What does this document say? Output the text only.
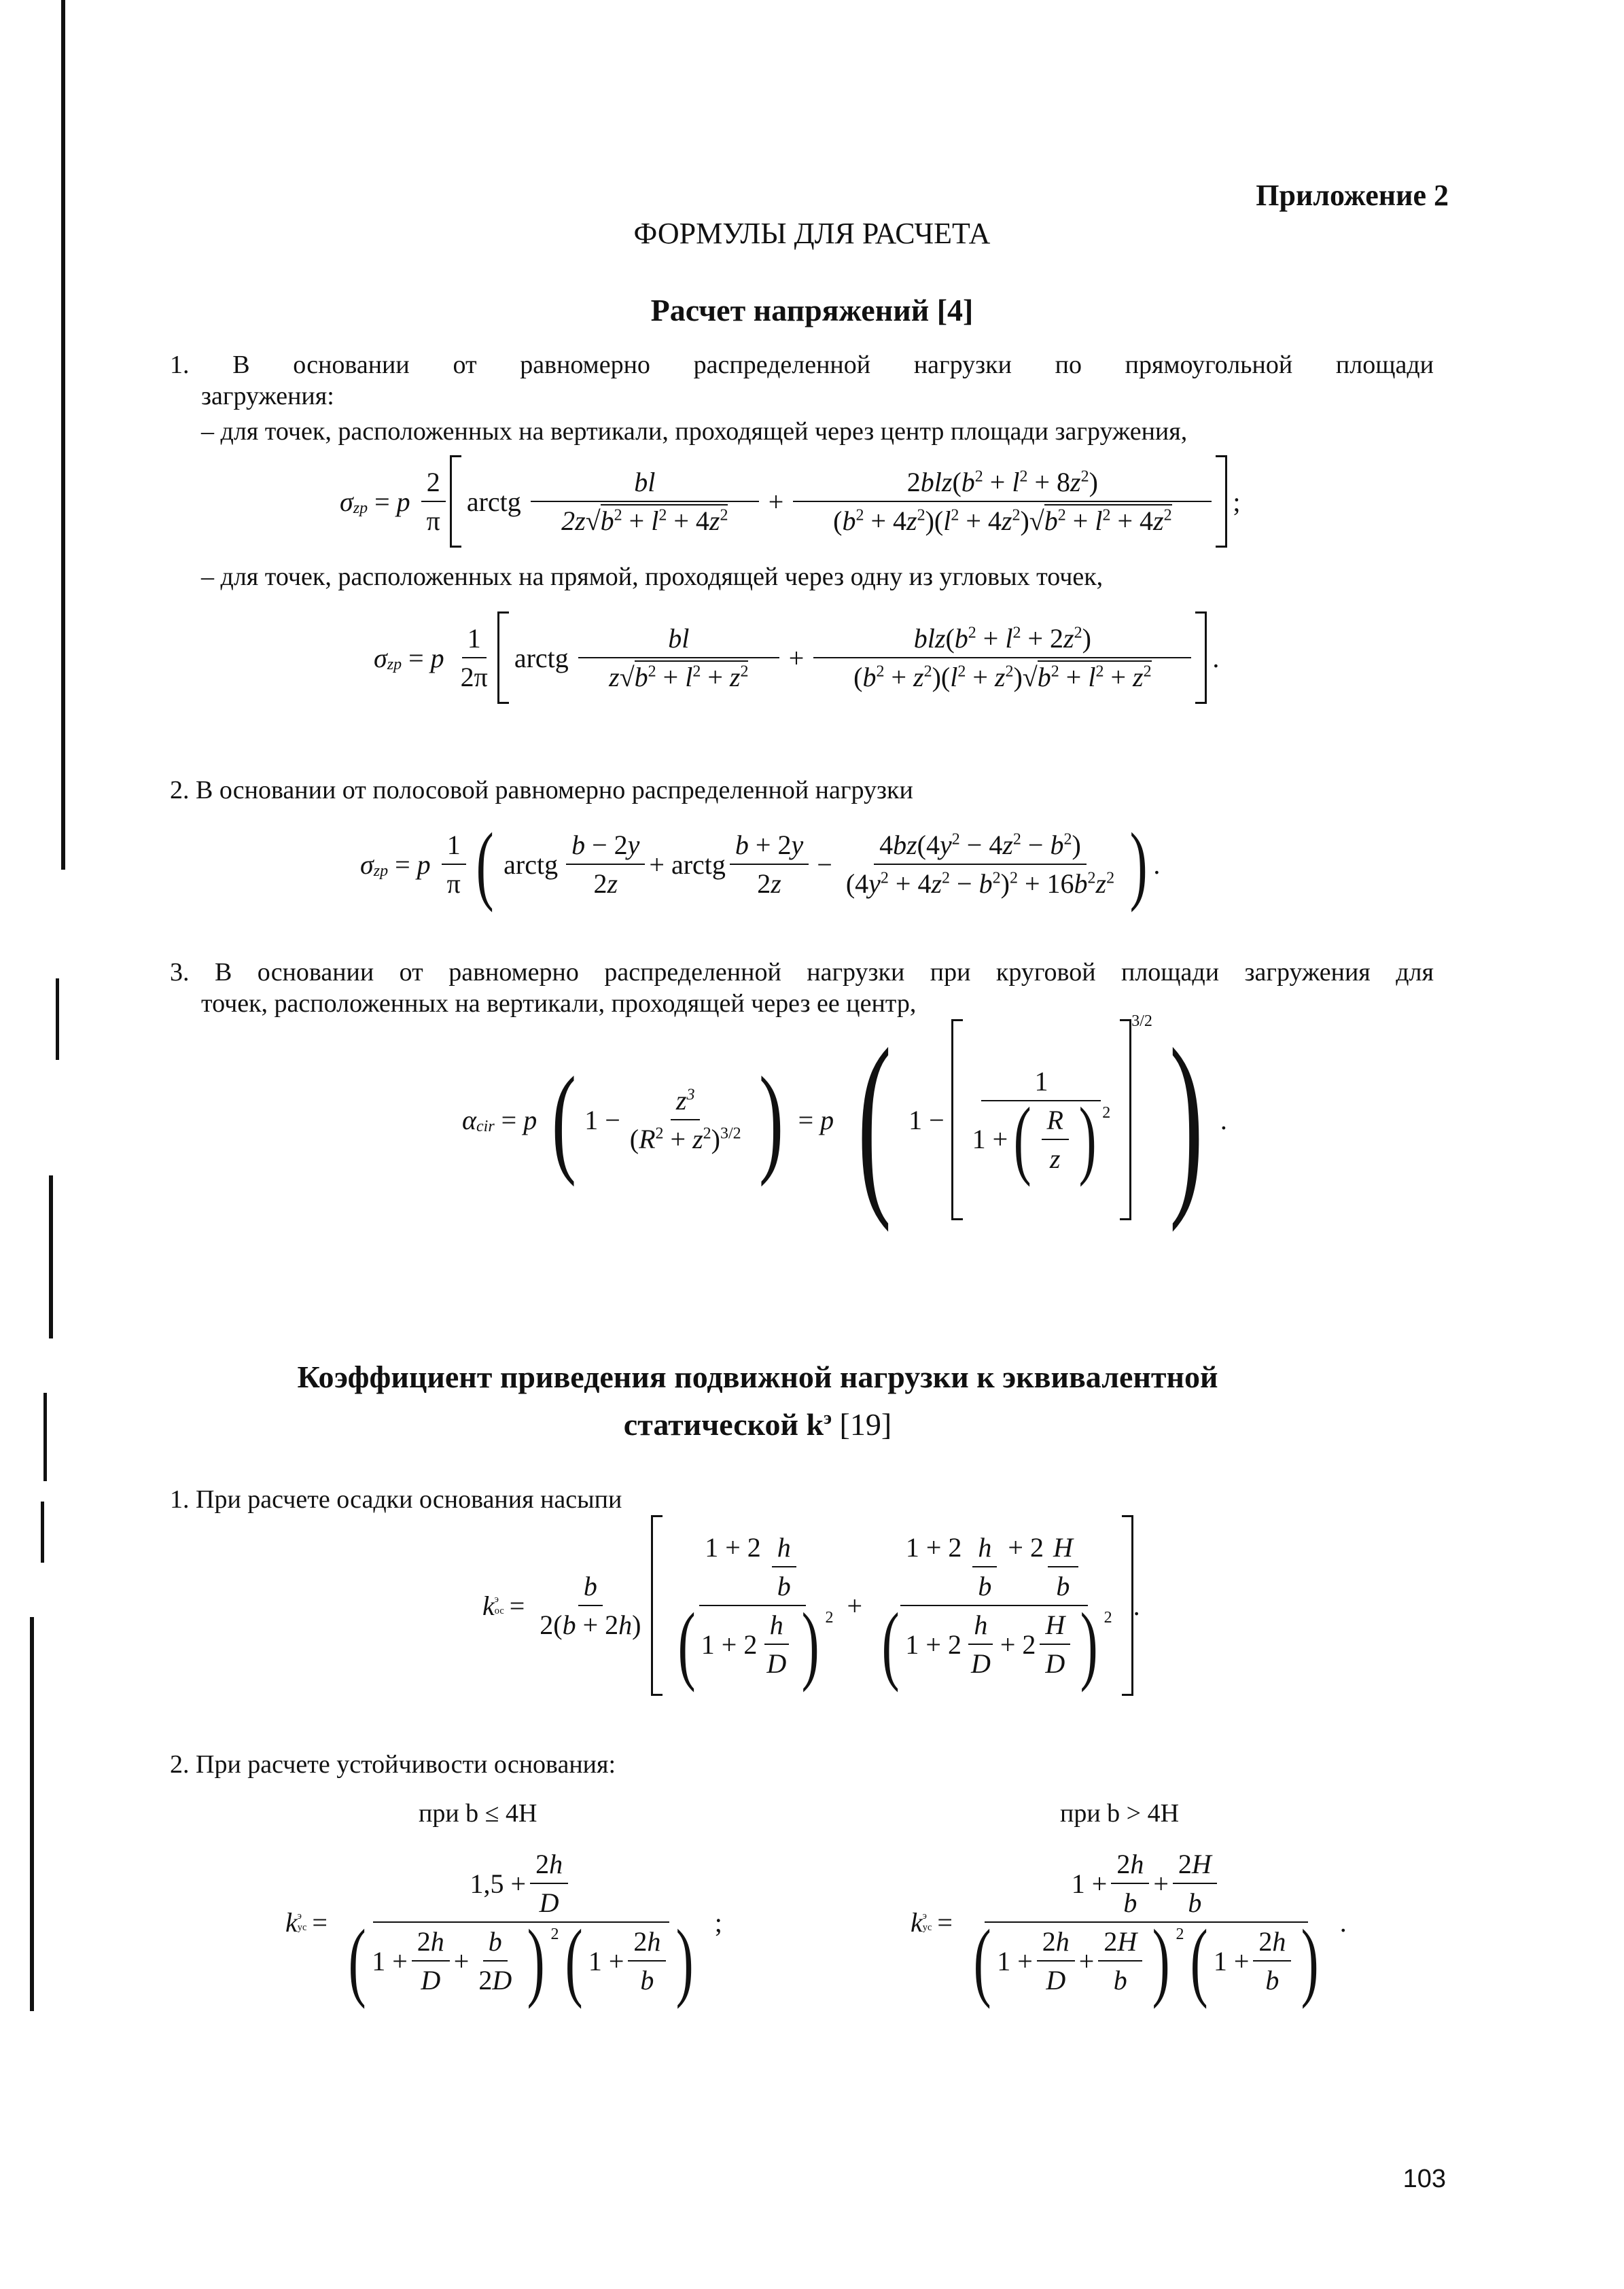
Приложение 2
ФОРМУЛЫ ДЛЯ РАСЧЕТА
Расчет напряжений [4]
1. В основании от равномерно распределенной нагрузки по прямоугольной площади
загружения:
– для точек, расположенных на вертикали, проходящей через центр площади загружения,
$\sigma_{zp} = p \frac{2}{\pi}$ arctg $\frac{bl}{2z√b^2 + l^2 + 4z^2} + \frac{2blz(b^2 + l^2 + 8z^2)}{(b^2 + 4z^2)(l^2 + 4z^2)√b^2 + l^2 + 4z^2}$ ;
– для точек, расположенных на прямой, проходящей через одну из угловых точек,
$\sigma_{zp} = p \frac{1}{2\pi}$ arctg $\frac{bl}{z√b^2 + l^2 + z^2} + \frac{blz(b^2 + l^2 + 2z^2)}{(b^2 + z^2)(l^2 + z^2)√b^2 + l^2 + z^2}$ .
2. В основании от полосовой равномерно распределенной нагрузки
$\sigma_{zp} = p \frac{1}{\pi}$ ( arctg $\frac{b - 2y}{2z}$ + arctg $\frac{b + 2y}{2z} - \frac{4bz(4y^2 - 4z^2 - b^2)}{(4y^2 + 4z^2 - b^2)^2 + 16b^2z^2}$ ) .
3. В основании от равномерно распределенной нагрузки при круговой площади загружения для
точек, расположенных на вертикали, проходящей через ее центр,
$\alpha_{cir} = p$ ( $1 - \frac{z^3}{(R^2 + z^2)^{3/2}}$ ) = p ( $1 - \frac{1}{1 + ( \frac{R}{z} ) ^2}$
$^{3/2}$ ) .
Коэффициент приведения подвижной нагрузки к эквивалентной
статической $k^э$ [19]
1. При расчете осадки основания насыпи
k э
ос = $\frac{b}{2(b + 2h)} \frac{1 + 2 \frac{h}{b}}{( 1 + 2 \frac{h}{D} ) ^2} + \frac{1 + 2 \frac{h}{b} + 2 \frac{H}{b}}{( 1 + 2 \frac{h}{D} + 2 \frac{H}{D} ) ^2}$ .
2. При расчете устойчивости основания:
при b ≤ 4H	при b > 4H
k э
ус = $\frac{1,5 + \frac{2h}{D}}{( 1 + \frac{2h}{D} + \frac{b}{2D} ) ^2 ( 1 + \frac{2h}{b} )}$ ;	k э
ус = $\frac{1 + \frac{2h}{b} + \frac{2H}{b}}{( 1 + \frac{2h}{D} + \frac{2H}{b} ) ^2 ( 1 + \frac{2h}{b} )}$ .
103
